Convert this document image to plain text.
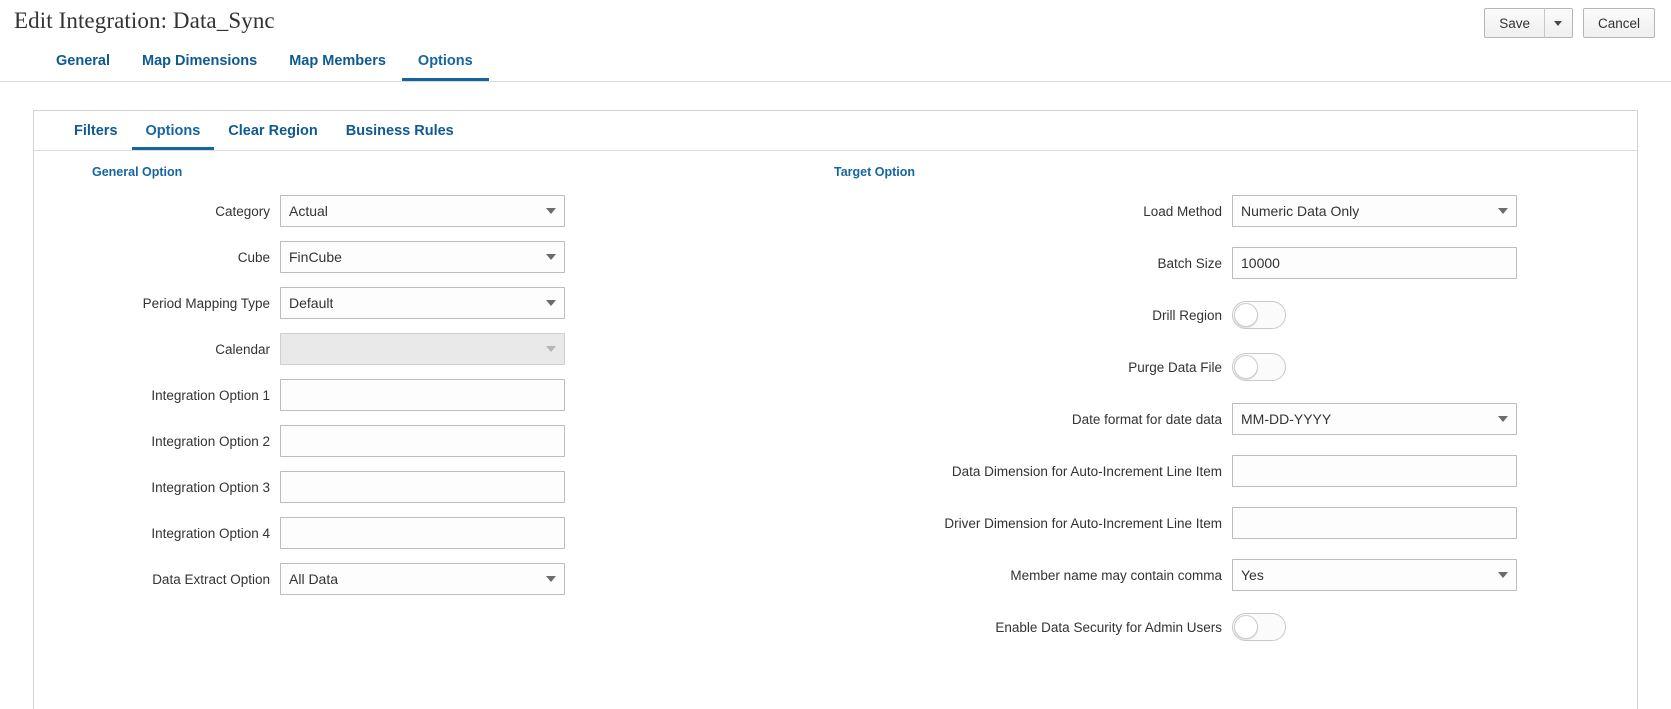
Edit Integration: Data_Sync	Save	Cancel
General	Map Dimensions	Map Members	Options
Filters	Options	Clear Region	Business Rules
General Option
Category	Actual
Cube	FinCube
Period Mapping Type	Default
Calendar
Integration Option 1
Integration Option 2
Integration Option 3
Integration Option 4
Data Extract Option	All Data
Target Option
Load Method	Numeric Data Only
Batch Size	10000
Drill Region
Purge Data File
Date format for date data	MM-DD-YYYY
Data Dimension for Auto-Increment Line Item
Driver Dimension for Auto-Increment Line Item
Member name may contain comma	Yes
Enable Data Security for Admin Users
